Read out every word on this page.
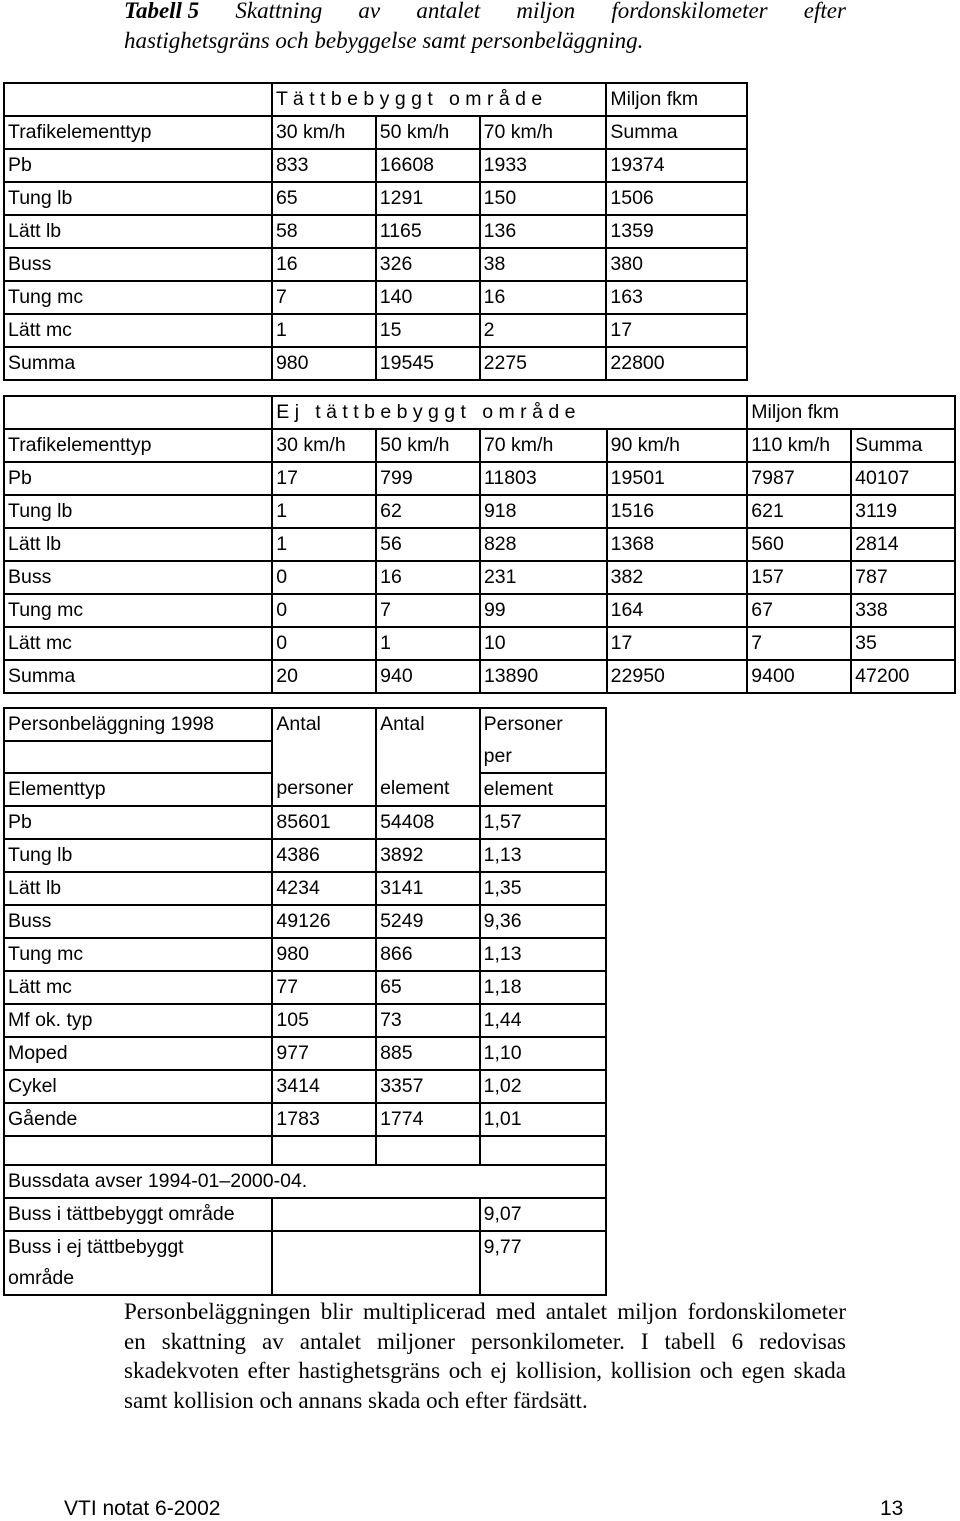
Tabell 5 Skattning av antalet miljon fordonskilometer efter
hastighetsgräns och bebyggelse samt personbeläggning.
	T ä t t b e b y g g t   o m r å d e			Miljon fkm
Trafikelementtyp	30 km/h	50 km/h	70 km/h	Summa
Pb	833	16608	1933	19374
Tung lb	65	1291	150	1506
Lätt lb	58	1165	136	1359
Buss	16	326	38	380
Tung mc	7	140	16	163
Lätt mc	1	15	2	17
Summa	980	19545	2275	22800
	E j   t ä t t b e b y g g t   o m r å d e				Miljon fkm	
Trafikelementtyp	30 km/h	50 km/h	70 km/h	90 km/h	110 km/h	Summa
Pb	17	799	11803	19501	7987	40107
Tung lb	1	62	918	1516	621	3119
Lätt lb	1	56	828	1368	560	2814
Buss	0	16	231	382	157	787
Tung mc	0	7	99	164	67	338
Lätt mc	0	1	10	17	7	35
Summa	20	940	13890	22950	9400	47200
Personbeläggning 1998	Antal	Antal	Personer
			per
Elementtyp	personer	element	element
Pb	85601	54408	1,57
Tung lb	4386	3892	1,13
Lätt lb	4234	3141	1,35
Buss	49126	5249	9,36
Tung mc	980	866	1,13
Lätt mc	77	65	1,18
Mf ok. typ	105	73	1,44
Moped	977	885	1,10
Cykel	3414	3357	1,02
Gående	1783	1774	1,01

Bussdata avser 1994-01–2000-04.			
Buss i tättbebyggt område			9,07

Buss i ej tättbebyggt
område			9,77

Personbeläggningen blir multiplicerad med antalet miljon fordonskilometer en skattning av antalet miljoner personkilometer. I tabell 6 redovisas skadekvoten efter hastighetsgräns och ej kollision, kollision och egen skada samt kollision och annans skada och efter färdsätt.

VTI notat 6-2002	13
